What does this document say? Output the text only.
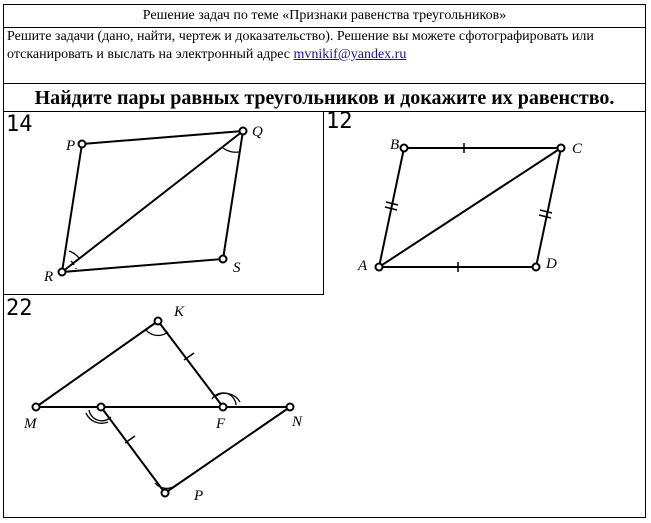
Решение задач по теме «Признаки равенства треугольников»
Решите задачи (дано, найти, чертеж и доказательство). Решение вы можете сфотографировать или отсканировать и выслать на электронный адрес mvnikif@yandex.ru
Найдите пары равных треугольников и докажите их равенство.
14	12
22
P
Q
R
S
B	C
A	D
K
M	F	N
P
